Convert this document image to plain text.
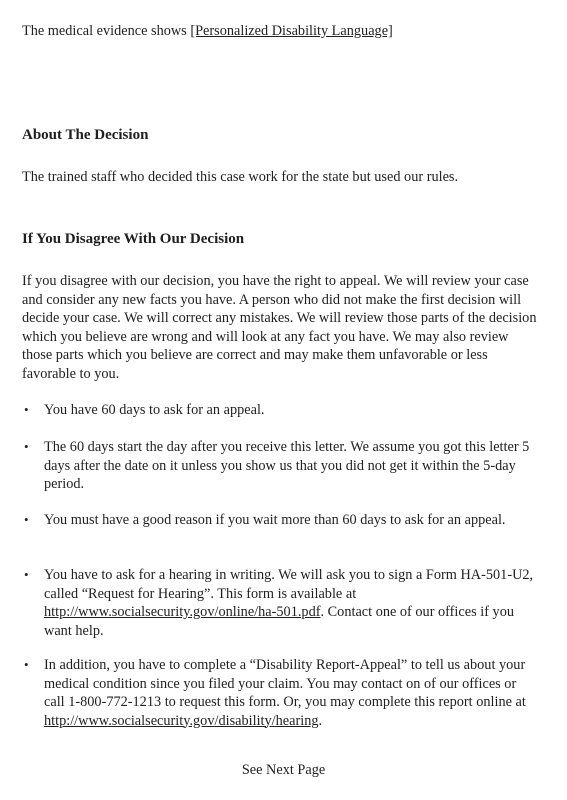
The medical evidence shows [Personalized Disability Language]

About The Decision

The trained staff who decided this case work for the state but used our rules.

If You Disagree With Our Decision

If you disagree with our decision, you have the right to appeal. We will review your case and consider any new facts you have. A person who did not make the first decision will decide your case. We will correct any mistakes. We will review those parts of the decision which you believe are wrong and will look at any fact you have. We may also review those parts which you believe are correct and may make them unfavorable or less favorable to you.

• You have 60 days to ask for an appeal.
• The 60 days start the day after you receive this letter. We assume you got this letter 5 days after the date on it unless you show us that you did not get it within the 5-day period.
• You must have a good reason if you wait more than 60 days to ask for an appeal.
• You have to ask for a hearing in writing. We will ask you to sign a Form HA-501-U2, called “Request for Hearing”. This form is available at http://www.socialsecurity.gov/online/ha-501.pdf. Contact one of our offices if you want help.
• In addition, you have to complete a “Disability Report-Appeal” to tell us about your medical condition since you filed your claim. You may contact on of our offices or call 1-800-772-1213 to request this form. Or, you may complete this report online at http://www.socialsecurity.gov/disability/hearing.
See Next Page
